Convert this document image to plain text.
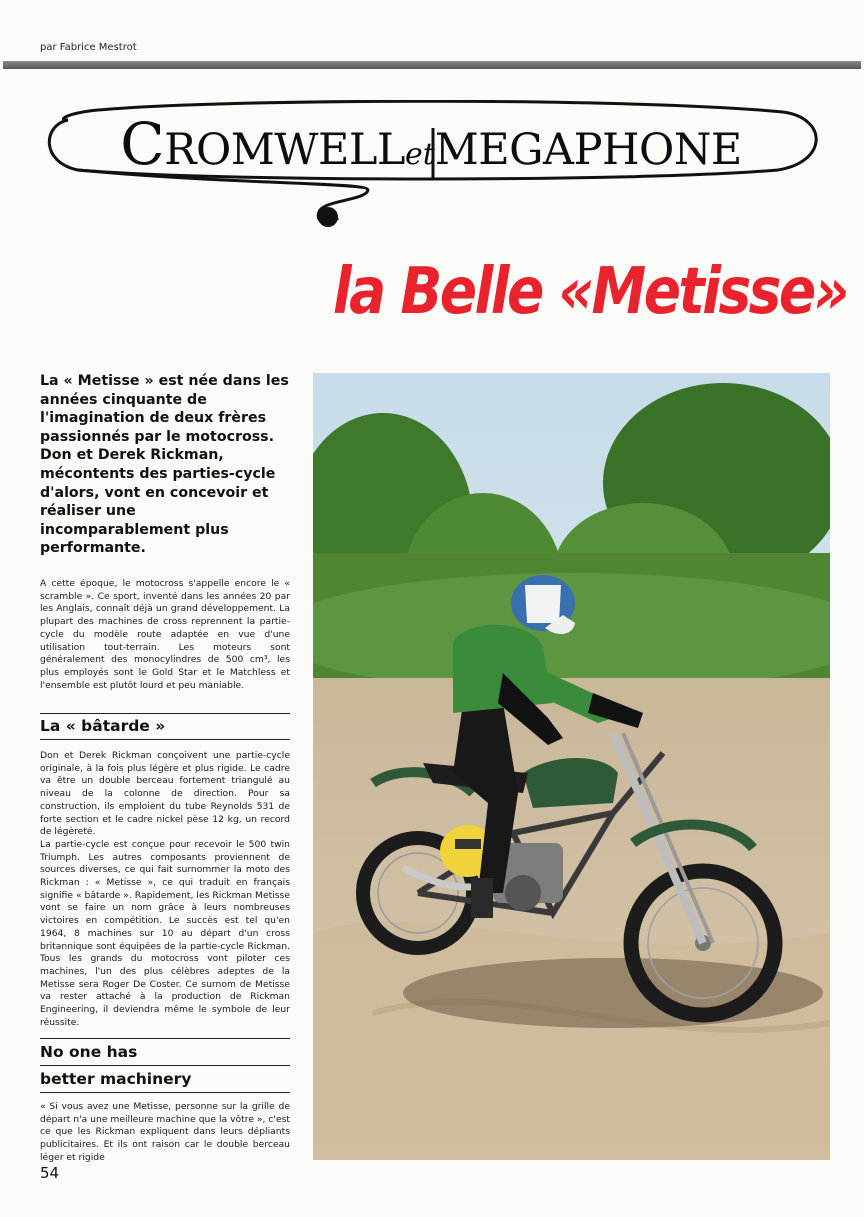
par Fabrice Mestrot
CROMWELLetMEGAPHONE
la Belle «Metisse»
La « Metisse » est née dans les années cinquante de l'imagination de deux frères passionnés par le motocross. Don et Derek Rickman, mécontents des parties-cycle d'alors, vont en concevoir et réaliser une incomparablement plus performante.
A cette époque, le motocross s'appelle encore le « scramble ». Ce sport, inventé dans les années 20 par les Anglais, connaît déjà un grand développement. La plupart des machines de cross reprennent la partie-cycle du modèle route adaptée en vue d'une utilisation tout-terrain. Les moteurs sont généralement des monocylindres de 500 cm³, les plus employés sont le Gold Star et le Matchless et l'ensemble est plutôt lourd et peu maniable.
La « bâtarde »
Don et Derek Rickman conçoivent une partie-cycle originale, à la fois plus légère et plus rigide. Le cadre va être un double berceau fortement triangulé au niveau de la colonne de direction. Pour sa construction, ils emploient du tube Reynolds 531 de forte section et le cadre nickel pèse 12 kg, un record de légèreté.
La partie-cycle est conçue pour recevoir le 500 twin Triumph. Les autres composants proviennent de sources diverses, ce qui fait surnommer la moto des Rickman : « Metisse », ce qui traduit en français signifie « bâtarde ». Rapidement, les Rickman Metisse vont se faire un nom grâce à leurs nombreuses victoires en compétition. Le succès est tel qu'en 1964, 8 machines sur 10 au départ d'un cross britannique sont équipées de la partie-cycle Rickman. Tous les grands du motocross vont piloter ces machines, l'un des plus célèbres adeptes de la Metisse sera Roger De Coster. Ce surnom de Metisse va rester attaché à la production de Rickman Engineering, il deviendra même le symbole de leur réussite.
No one has
better machinery
« Si vous avez une Metisse, personne sur la grille de départ n'a une meilleure machine que la vôtre », c'est ce que les Rickman expliquent dans leurs dépliants publicitaires. Et ils ont raison car le double berceau léger et rigide
54
